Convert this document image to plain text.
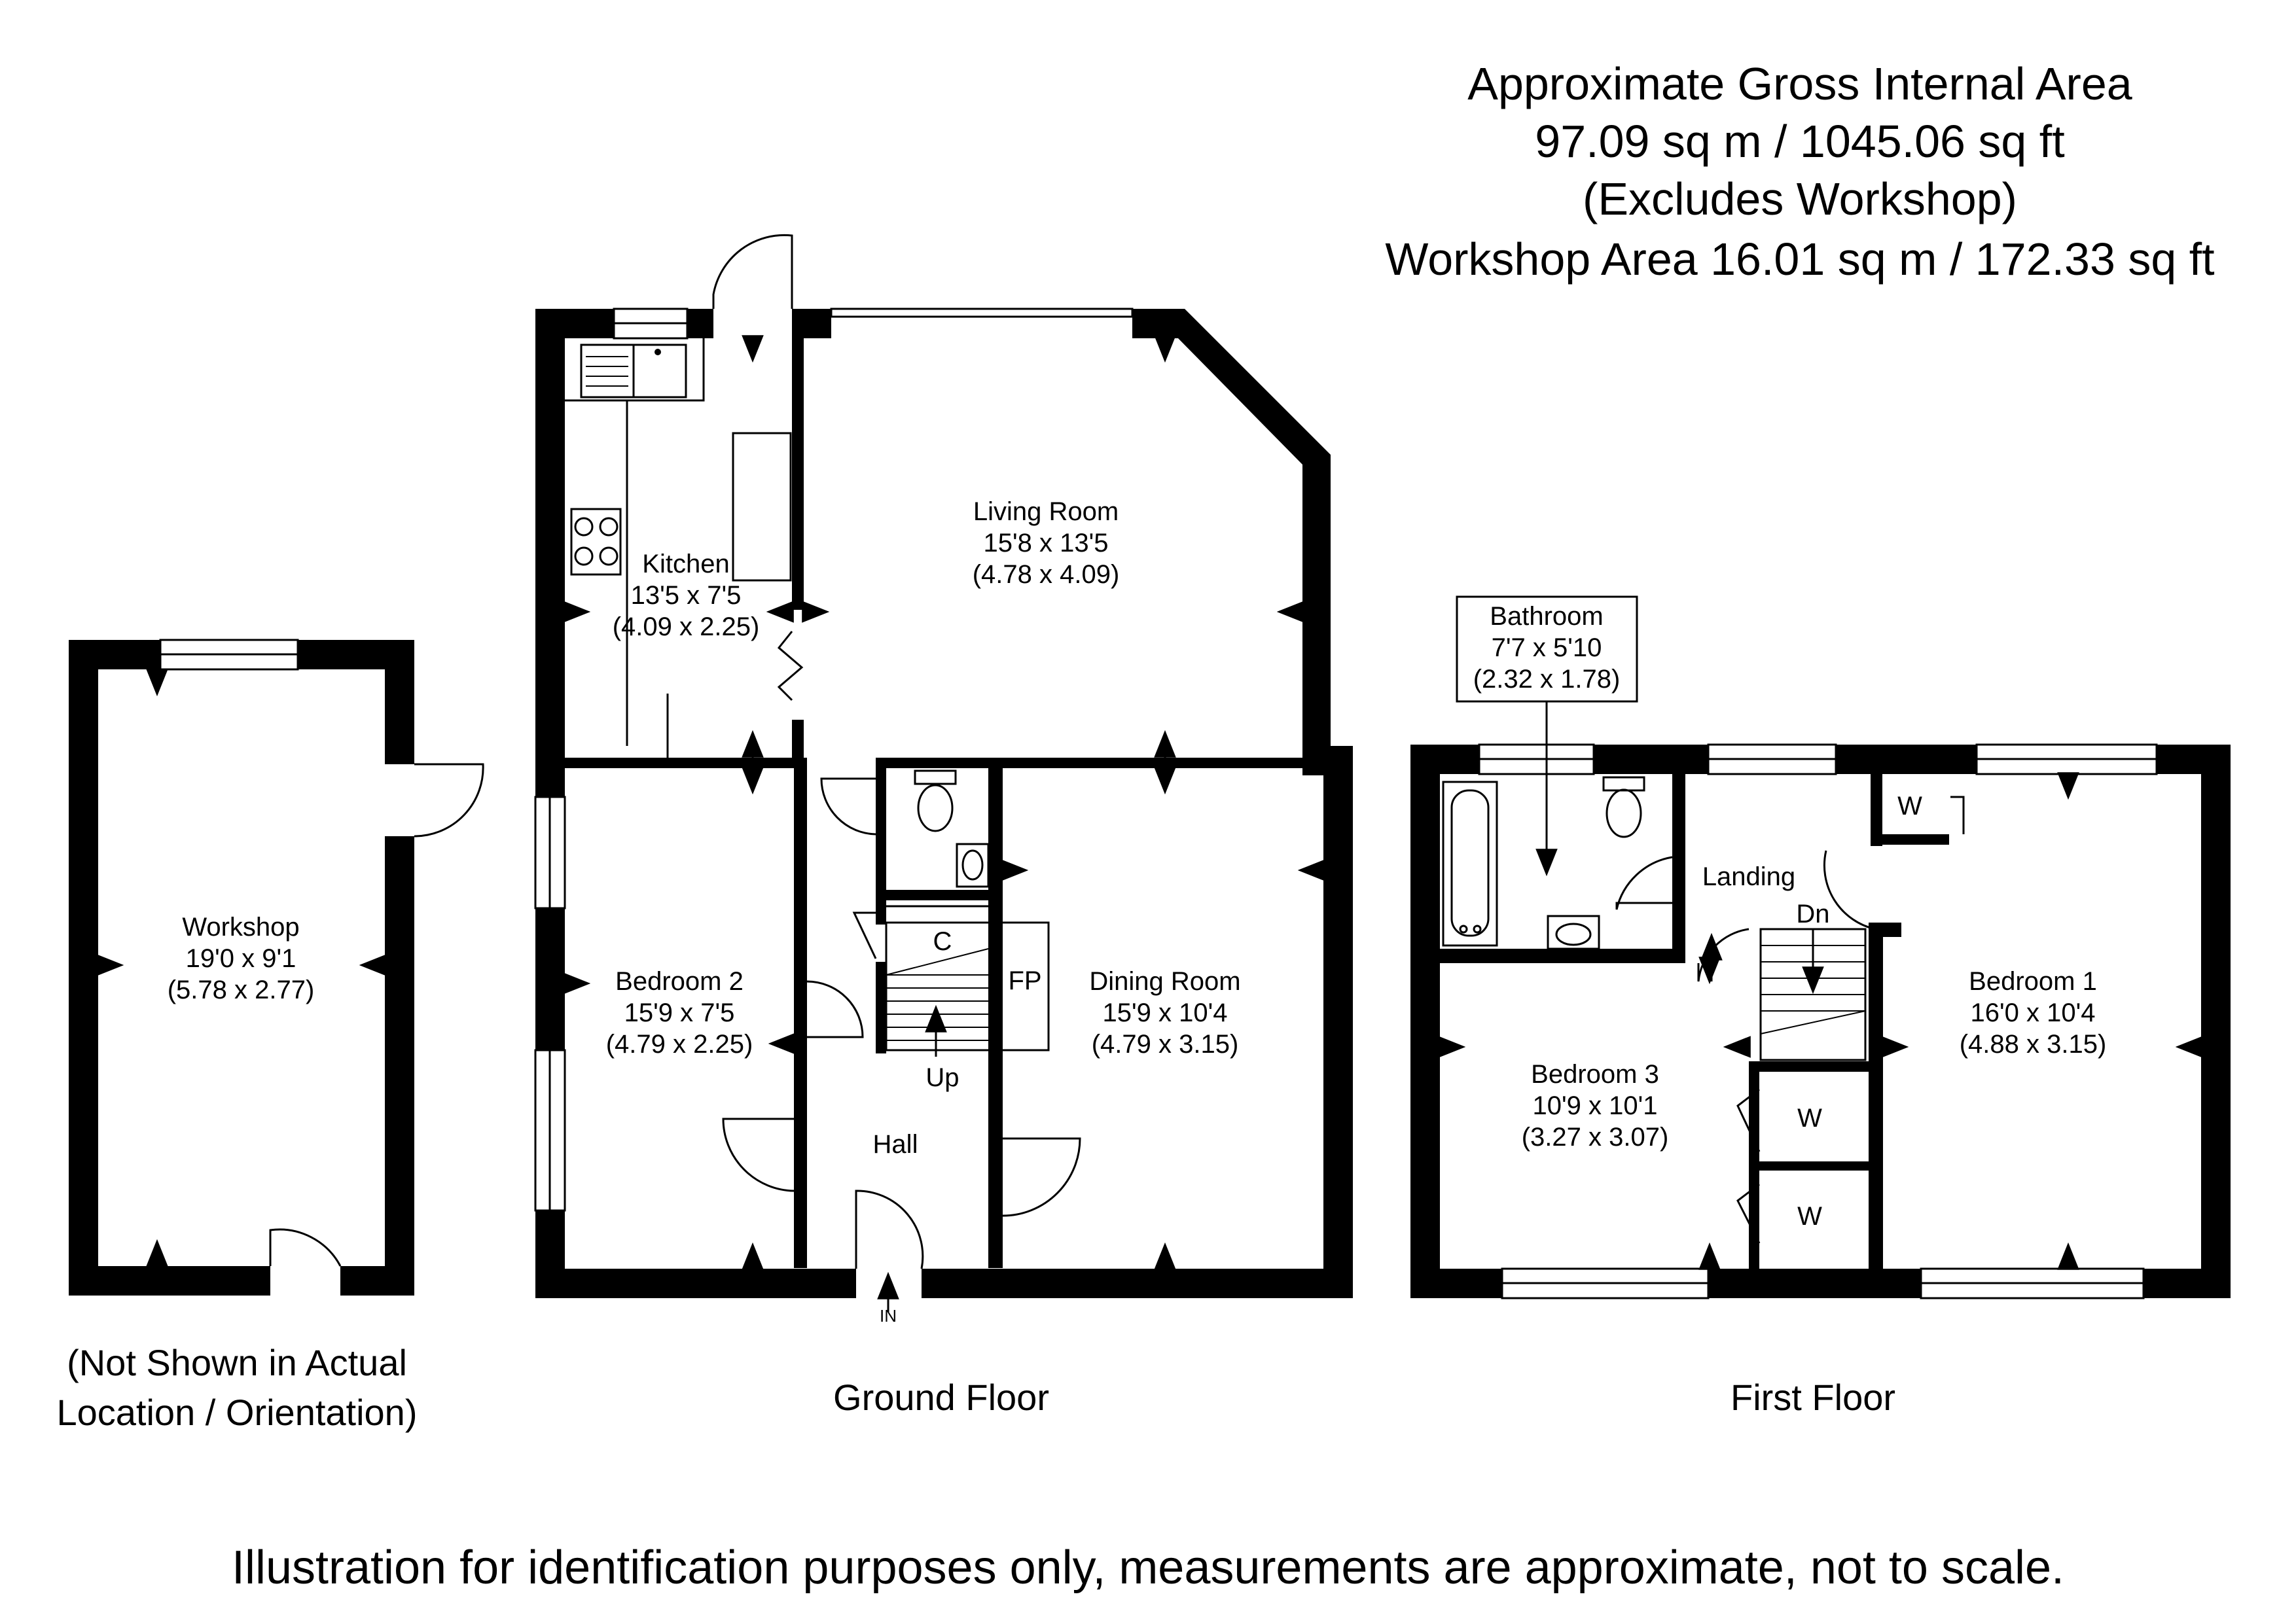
Approximate Gross Internal Area
97.09 sq m / 1045.06 sq ft
(Excludes Workshop)
Workshop Area 16.01 sq m / 172.33 sq ft
Workshop
19'0 x 9'1
(5.78 x 2.77)
(Not Shown in Actual
Location / Orientation)
Kitchen
13'5 x 7'5
(4.09 x 2.25)
Living Room
15'8 x 13'5
(4.78 x 4.09)
Bedroom 2
15'9 x 7'5
(4.79 x 2.25)
Dining Room
15'9 x 10'4
(4.79 x 3.15)
Hall
C
FP
Up
IN
Ground Floor
Bathroom
7'7 x 5'10
(2.32 x 1.78)
Landing
Dn
Bedroom 1
16'0 x 10'4
(4.88 x 3.15)
Bedroom 3
10'9 x 10'1
(3.27 x 3.07)
W
W
W
First Floor
Illustration for identification purposes only, measurements are approximate, not to scale.
